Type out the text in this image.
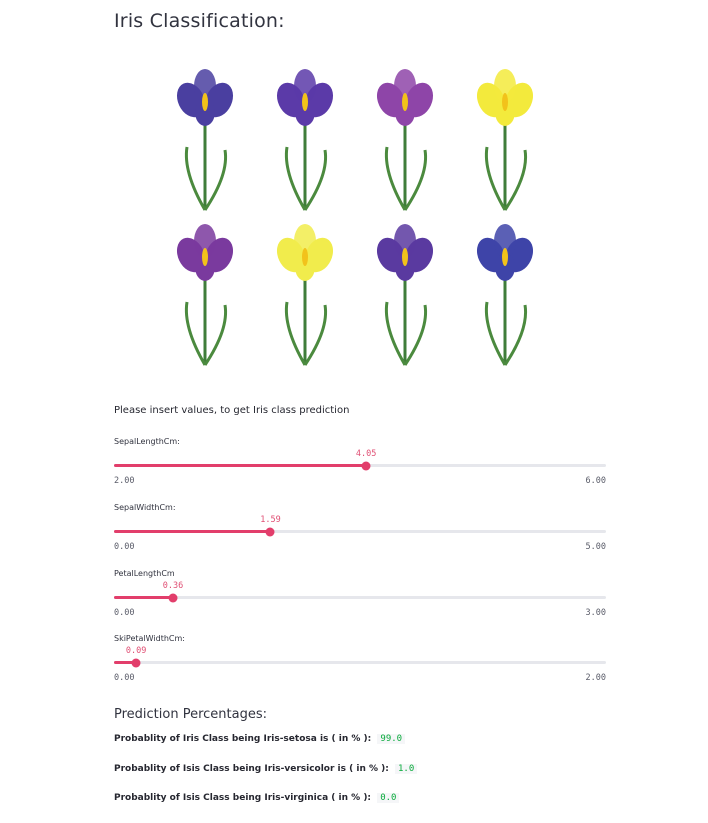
Iris Classification:
Please insert values, to get Iris class prediction
SepalLengthCm:
4.05
2.00	6.00
SepalWidthCm:
1.59
0.00	5.00
PetalLengthCm
0.36
0.00	3.00
SkiPetalWidthCm:
0.09
0.00	2.00
Prediction Percentages:
Probablity of Iris Class being Iris-setosa is ( in % ): 99.0
Probablity of Isis Class being Iris-versicolor is ( in % ): 1.0
Probablity of Isis Class being Iris-virginica ( in % ): 0.0
